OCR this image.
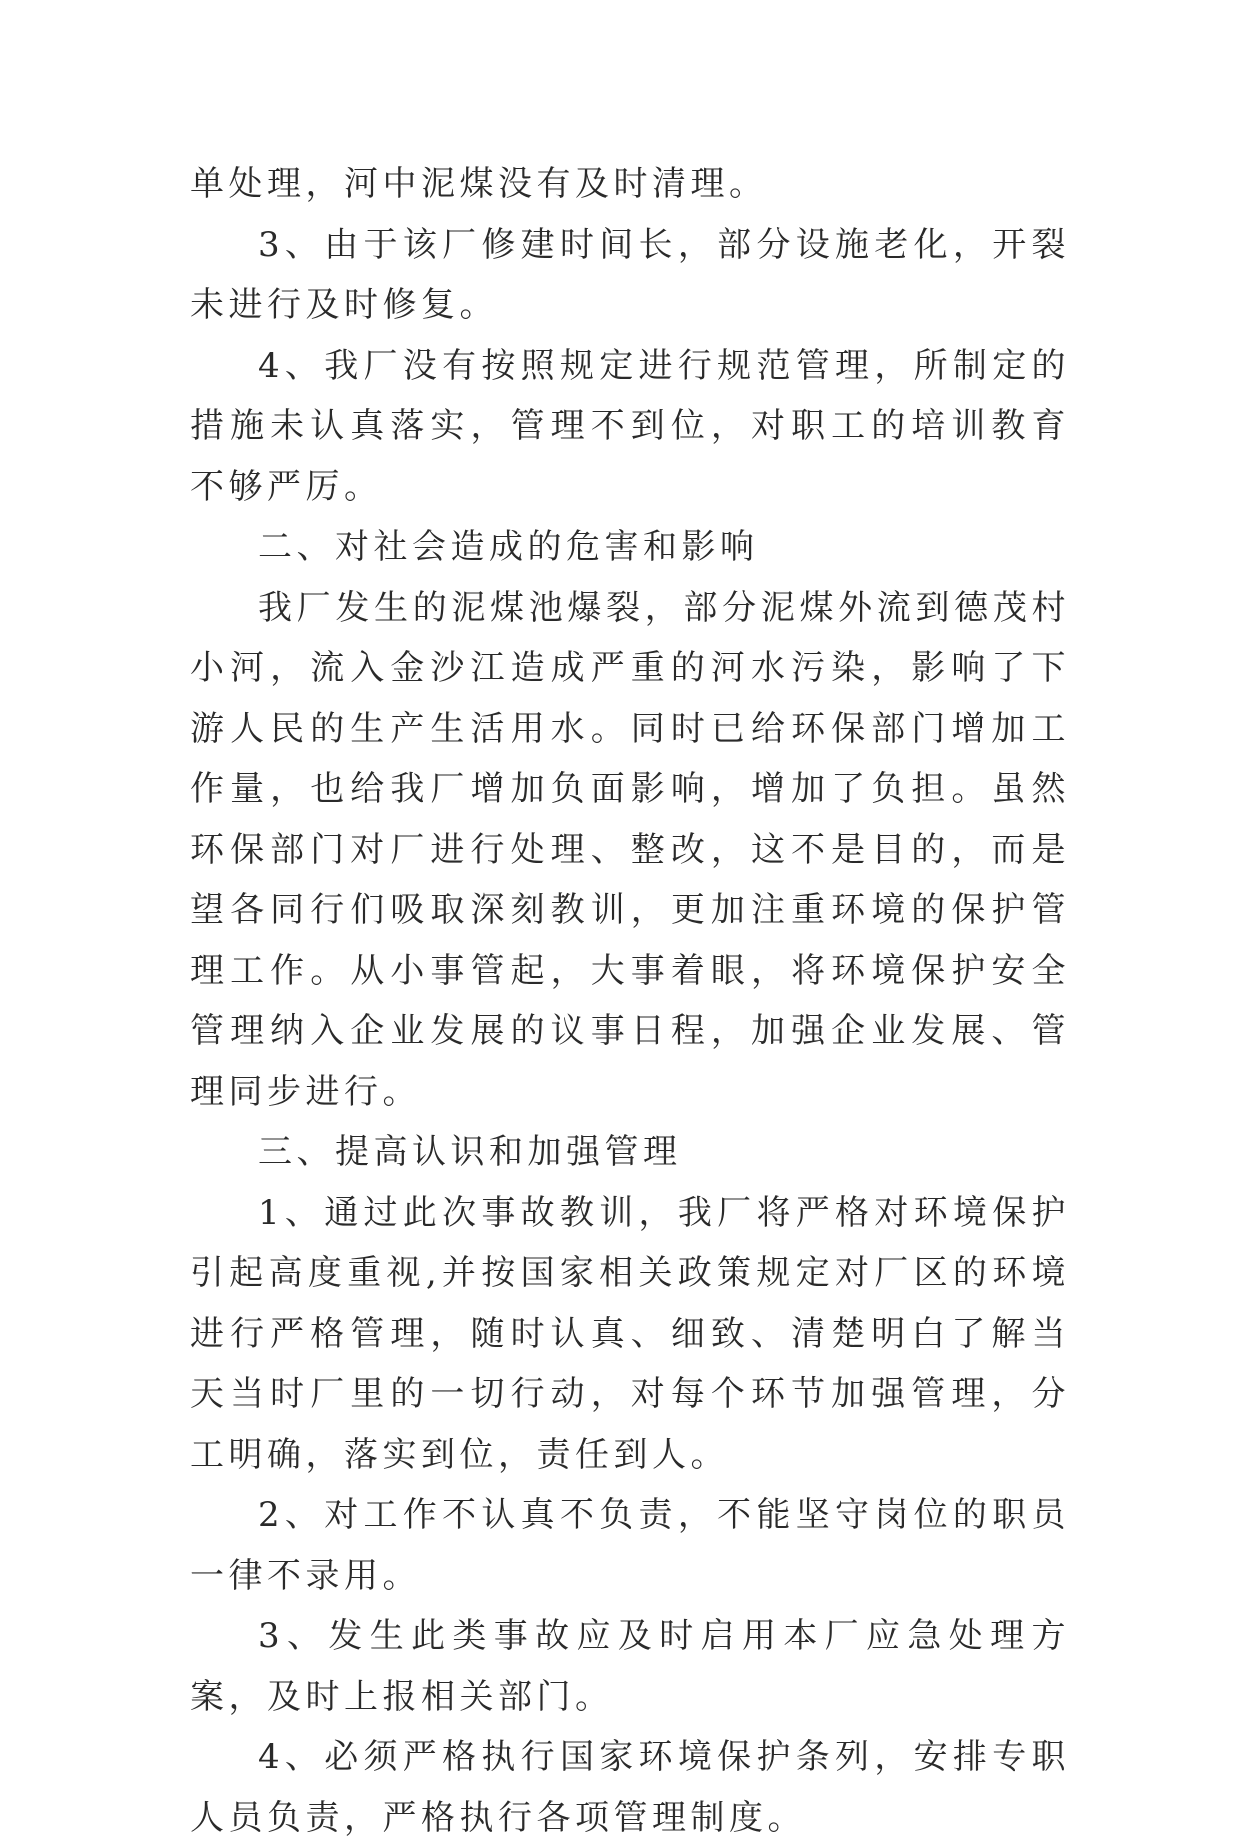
单处理，河中泥煤没有及时清理。

3、由于该厂修建时间长，部分设施老化，开裂未进行及时修复。

4、我厂没有按照规定进行规范管理，所制定的措施未认真落实，管理不到位，对职工的培训教育不够严厉。

二、对社会造成的危害和影响

我厂发生的泥煤池爆裂，部分泥煤外流到德茂村小河，流入金沙江造成严重的河水污染，影响了下游人民的生产生活用水。同时已给环保部门增加工作量，也给我厂增加负面影响，增加了负担。虽然环保部门对厂进行处理、整改，这不是目的，而是望各同行们吸取深刻教训，更加注重环境的保护管理工作。从小事管起，大事着眼，将环境保护安全管理纳入企业发展的议事日程，加强企业发展、管理同步进行。

三、提高认识和加强管理

1、通过此次事故教训，我厂将严格对环境保护引起高度重视,并按国家相关政策规定对厂区的环境进行严格管理，随时认真、细致、清楚明白了解当天当时厂里的一切行动，对每个环节加强管理，分工明确，落实到位，责任到人。

2、对工作不认真不负责，不能坚守岗位的职员一律不录用。

3、发生此类事故应及时启用本厂应急处理方案，及时上报相关部门。

4、必须严格执行国家环境保护条列，安排专职人员负责，严格执行各项管理制度。
